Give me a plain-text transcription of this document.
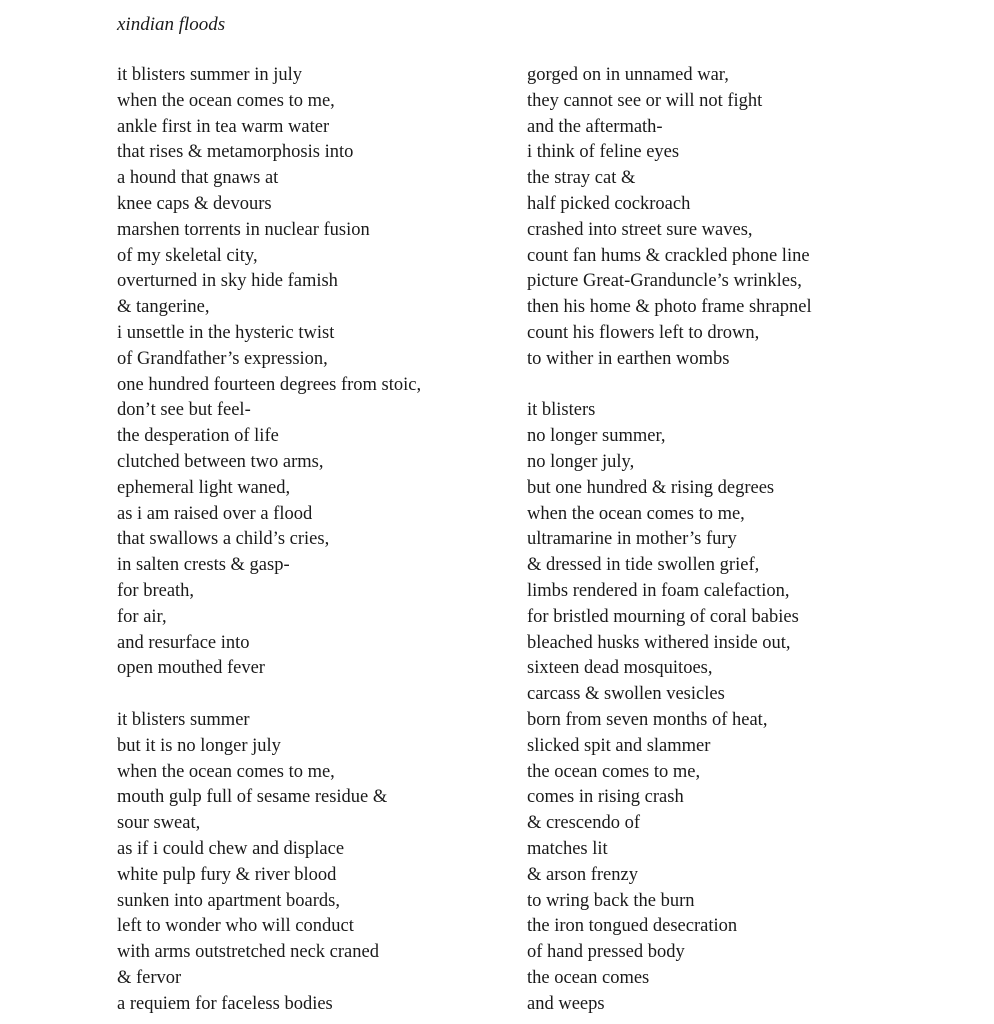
xindian floods
it blisters summer in july
when the ocean comes to me,
ankle first in tea warm water
that rises & metamorphosis into
a hound that gnaws at
knee caps & devours
marshen torrents in nuclear fusion
of my skeletal city,
overturned in sky hide famish
& tangerine,
i unsettle in the hysteric twist
of Grandfather’s expression,
one hundred fourteen degrees from stoic,
don’t see but feel-
the desperation of life
clutched between two arms,
ephemeral light waned,
as i am raised over a flood
that swallows a child’s cries,
in salten crests & gasp-
for breath,
for air,
and resurface into
open mouthed fever
it blisters summer
but it is no longer july
when the ocean comes to me,
mouth gulp full of sesame residue &
sour sweat,
as if i could chew and displace
white pulp fury & river blood
sunken into apartment boards,
left to wonder who will conduct
with arms outstretched neck craned
& fervor
a requiem for faceless bodies
gorged on in unnamed war,
they cannot see or will not fight
and the aftermath-
i think of feline eyes
the stray cat &
half picked cockroach
crashed into street sure waves,
count fan hums & crackled phone line
picture Great-Granduncle’s wrinkles,
then his home & photo frame shrapnel
count his flowers left to drown,
to wither in earthen wombs
it blisters
no longer summer,
no longer july,
but one hundred & rising degrees
when the ocean comes to me,
ultramarine in mother’s fury
& dressed in tide swollen grief,
limbs rendered in foam calefaction,
for bristled mourning of coral babies
bleached husks withered inside out,
sixteen dead mosquitoes,
carcass & swollen vesicles
born from seven months of heat,
slicked spit and slammer
the ocean comes to me,
comes in rising crash
& crescendo of
matches lit
& arson frenzy
to wring back the burn
the iron tongued desecration
of hand pressed body
the ocean comes
and weeps
